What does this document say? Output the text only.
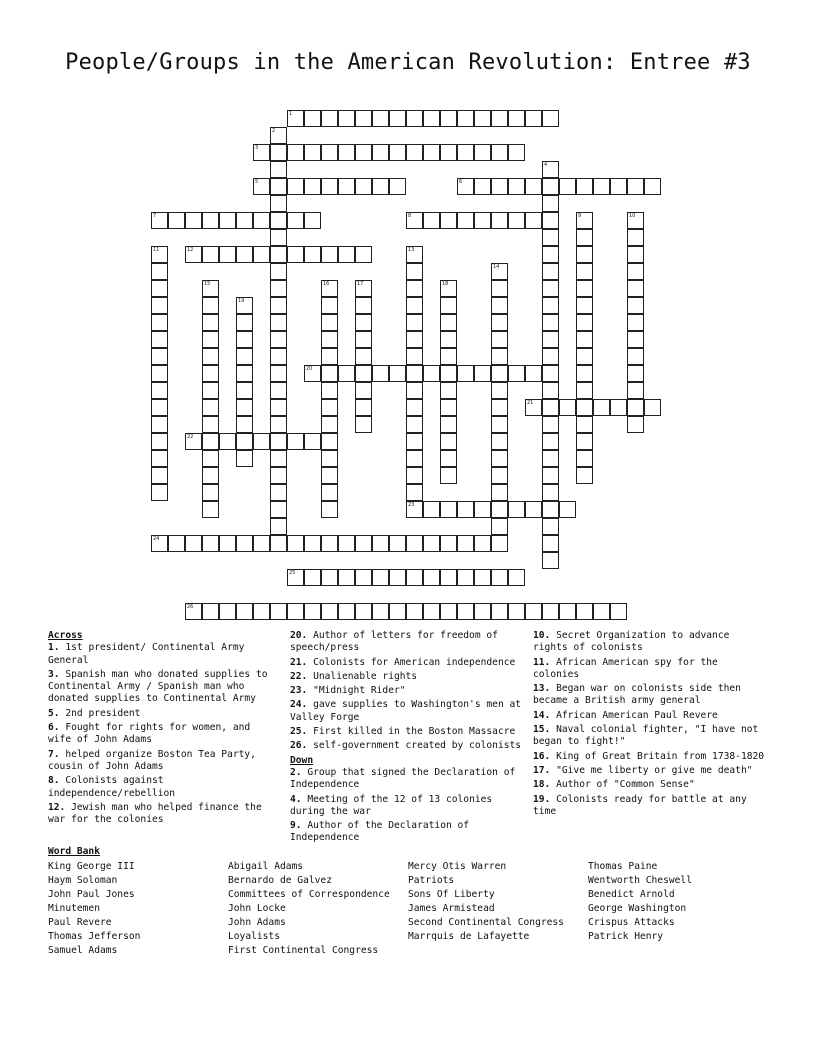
People/Groups in the American Revolution: Entree #3
1
3
5	6
7	8
12
20
21
22
23
24
25
26
2
4
9	10
11	13
14
15	16	17	18
19
Across
1. 1st president/ Continental Army General
3. Spanish man who donated supplies to Continental Army / Spanish man who donated supplies to Continental Army
5. 2nd president
6. Fought for rights for women, and wife of John Adams
7. helped organize Boston Tea Party, cousin of John Adams
8. Colonists against independence/rebellion
12. Jewish man who helped finance the war for the colonies
20. Author of letters for freedom of speech/press
21. Colonists for American independence
22. Unalienable rights
23. "Midnight Rider"
24. gave supplies to Washington's men at Valley Forge
25. First killed in the Boston Massacre
26. self-government created by colonists
Down
2. Group that signed the Declaration of Independence
4. Meeting of the 12 of 13 colonies during the war
9. Author of the Declaration of Independence
10. Secret Organization to advance rights of colonists
11. African American spy for the colonies
13. Began war on colonists side then became a British army general
14. African American Paul Revere
15. Naval colonial fighter, "I have not began to fight!"
16. King of Great Britain from 1738-1820
17. "Give me liberty or give me death"
18. Author of "Common Sense"
19. Colonists ready for battle at any time
Word Bank
King George III
Haym Soloman
John Paul Jones
Minutemen
Paul Revere
Thomas Jefferson
Samuel Adams
Abigail Adams
Bernardo de Galvez
Committees of Correspondence
John Locke
John Adams
Loyalists
First Continental Congress
Mercy Otis Warren
Patriots
Sons Of Liberty
James Armistead
Second Continental Congress
Marrquis de Lafayette
Thomas Paine
Wentworth Cheswell
Benedict Arnold
George Washington
Crispus Attacks
Patrick Henry
